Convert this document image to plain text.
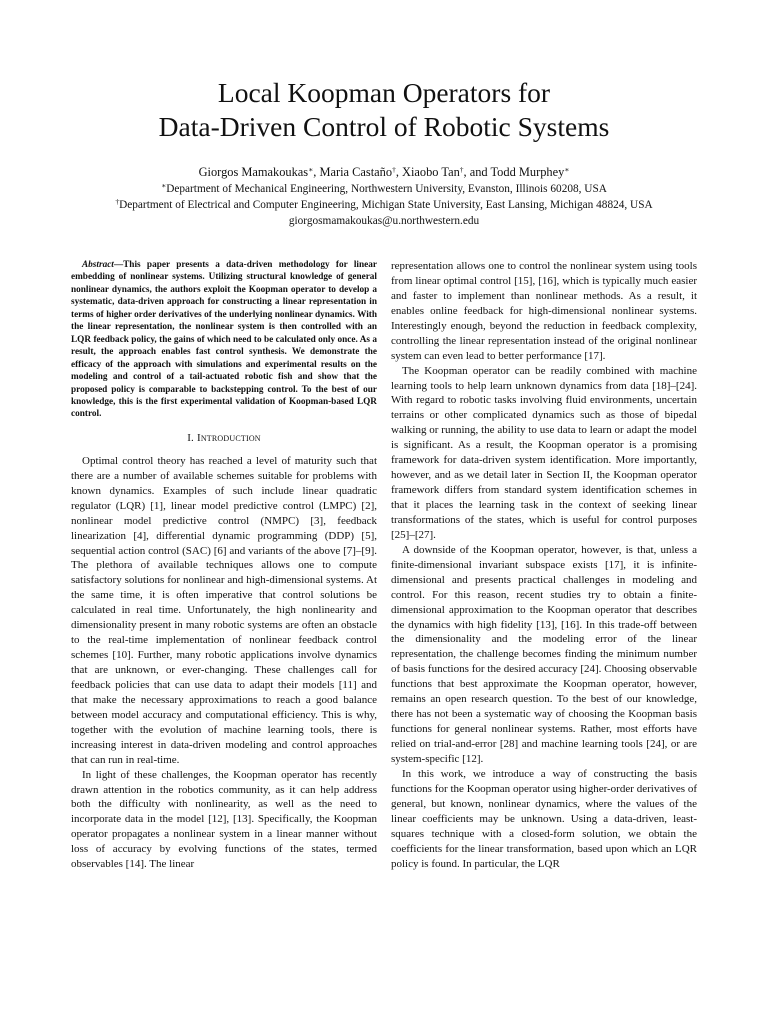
Local Koopman Operators for
Data-Driven Control of Robotic Systems
Giorgos Mamakoukas∗, Maria Castaño†, Xiaobo Tan†, and Todd Murphey∗
∗Department of Mechanical Engineering, Northwestern University, Evanston, Illinois 60208, USA
†Department of Electrical and Computer Engineering, Michigan State University, East Lansing, Michigan 48824, USA
giorgosmamakoukas@u.northwestern.edu

Abstract—This paper presents a data-driven methodology for linear embedding of nonlinear systems. Utilizing structural knowledge of general nonlinear dynamics, the authors exploit the Koopman operator to develop a systematic, data-driven approach for constructing a linear representation in terms of higher order derivatives of the underlying nonlinear dynamics. With the linear representation, the nonlinear system is then controlled with an LQR feedback policy, the gains of which need to be calculated only once. As a result, the approach enables fast control synthesis. We demonstrate the efficacy of the approach with simulations and experimental results on the modeling and control of a tail-actuated robotic fish and show that the proposed policy is comparable to backstepping control. To the best of our knowledge, this is the first experimental validation of Koopman-based LQR control.

I. Introduction

Optimal control theory has reached a level of maturity such that there are a number of available schemes suitable for problems with known dynamics. Examples of such include linear quadratic regulator (LQR) [1], linear model predictive control (LMPC) [2], nonlinear model predictive control (NMPC) [3], feedback linearization [4], differential dynamic programming (DDP) [5], sequential action control (SAC) [6] and variants of the above [7]–[9]. The plethora of available techniques allows one to compute satisfactory solutions for nonlinear and high-dimensional systems. At the same time, it is often imperative that control solutions be calculated in real time. Unfortunately, the high nonlinearity and dimensionality present in many robotic systems are often an obstacle to the real-time implementation of nonlinear feedback control schemes [10]. Further, many robotic applications involve dynamics that are unknown, or ever-changing. These challenges call for feedback policies that can use data to adapt their models [11] and that make the necessary approximations to reach a good balance between model accuracy and computational efficiency. This is why, together with the evolution of machine learning tools, there is increasing interest in data-driven modeling and control approaches that can run in real-time.

In light of these challenges, the Koopman operator has recently drawn attention in the robotics community, as it can help address both the difficulty with nonlinearity, as well as the need to incorporate data in the model [12], [13]. Specifically, the Koopman operator propagates a nonlinear system in a linear manner without loss of accuracy by evolving functions of the states, termed observables [14]. The linear

representation allows one to control the nonlinear system using tools from linear optimal control [15], [16], which is typically much easier and faster to implement than nonlinear methods. As a result, it enables online feedback for high-dimensional nonlinear systems. Interestingly enough, beyond the reduction in feedback complexity, controlling the linear representation instead of the original nonlinear system can even lead to better performance [17].

The Koopman operator can be readily combined with machine learning tools to help learn unknown dynamics from data [18]–[24]. With regard to robotic tasks involving fluid environments, uncertain terrains or other complicated dynamics such as those of bipedal walking or running, the ability to use data to learn or adapt the model is significant. As a result, the Koopman operator is a promising framework for data-driven system identification. More importantly, however, and as we detail later in Section II, the Koopman operator framework differs from standard system identification schemes in that it places the learning task in the context of seeking linear transformations of the states, which is useful for control purposes [25]–[27].

A downside of the Koopman operator, however, is that, unless a finite-dimensional invariant subspace exists [17], it is infinite-dimensional and presents practical challenges in modeling and control. For this reason, recent studies try to obtain a finite-dimensional approximation to the Koopman operator that describes the dynamics with high fidelity [13], [16]. In this trade-off between the dimensionality and the modeling error of the linear representation, the challenge becomes finding the minimum number of basis functions for the desired accuracy [24]. Choosing observable functions that best approximate the Koopman operator, however, remains an open research question. To the best of our knowledge, there has not been a systematic way of choosing the Koopman basis functions for general nonlinear systems. Rather, most efforts have relied on trial-and-error [28] and machine learning tools [24], or are system-specific [12].

In this work, we introduce a way of constructing the basis functions for the Koopman operator using higher-order derivatives of general, but known, nonlinear dynamics, where the values of the linear coefficients may be unknown. Using a data-driven, least-squares technique with a closed-form solution, we obtain the coefficients for the linear transformation, based upon which an LQR policy is found. In particular, the LQR
